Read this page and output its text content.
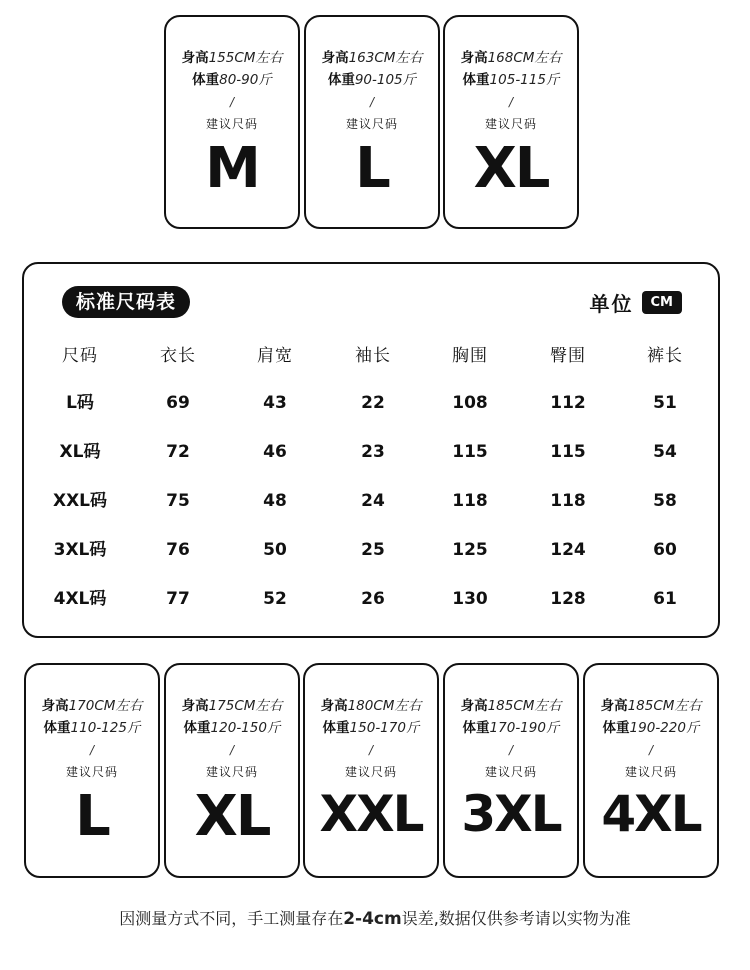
身高155CM左右
体重80-90斤
/
建议尺码
M
身高163CM左右
体重90-105斤
/
建议尺码
L
身高168CM左右
体重105-115斤
/
建议尺码
XL
标准尺码表	单位	CM
尺码	衣长	肩宽	袖长	胸围	臀围	裤长
L码	69	43	22	108	112	51
XL码	72	46	23	115	115	54
XXL码	75	48	24	118	118	58
3XL码	76	50	25	125	124	60
4XL码	77	52	26	130	128	61
身高170CM左右
体重110-125斤
/
建议尺码
L
身高175CM左右
体重120-150斤
/
建议尺码
XL
身高180CM左右
体重150-170斤
/
建议尺码
XXL
身高185CM左右
体重170-190斤
/
建议尺码
3XL
身高185CM左右
体重190-220斤
/
建议尺码
4XL
因测量方式不同，手工测量存在2-4cm误差,数据仅供参考请以实物为准
